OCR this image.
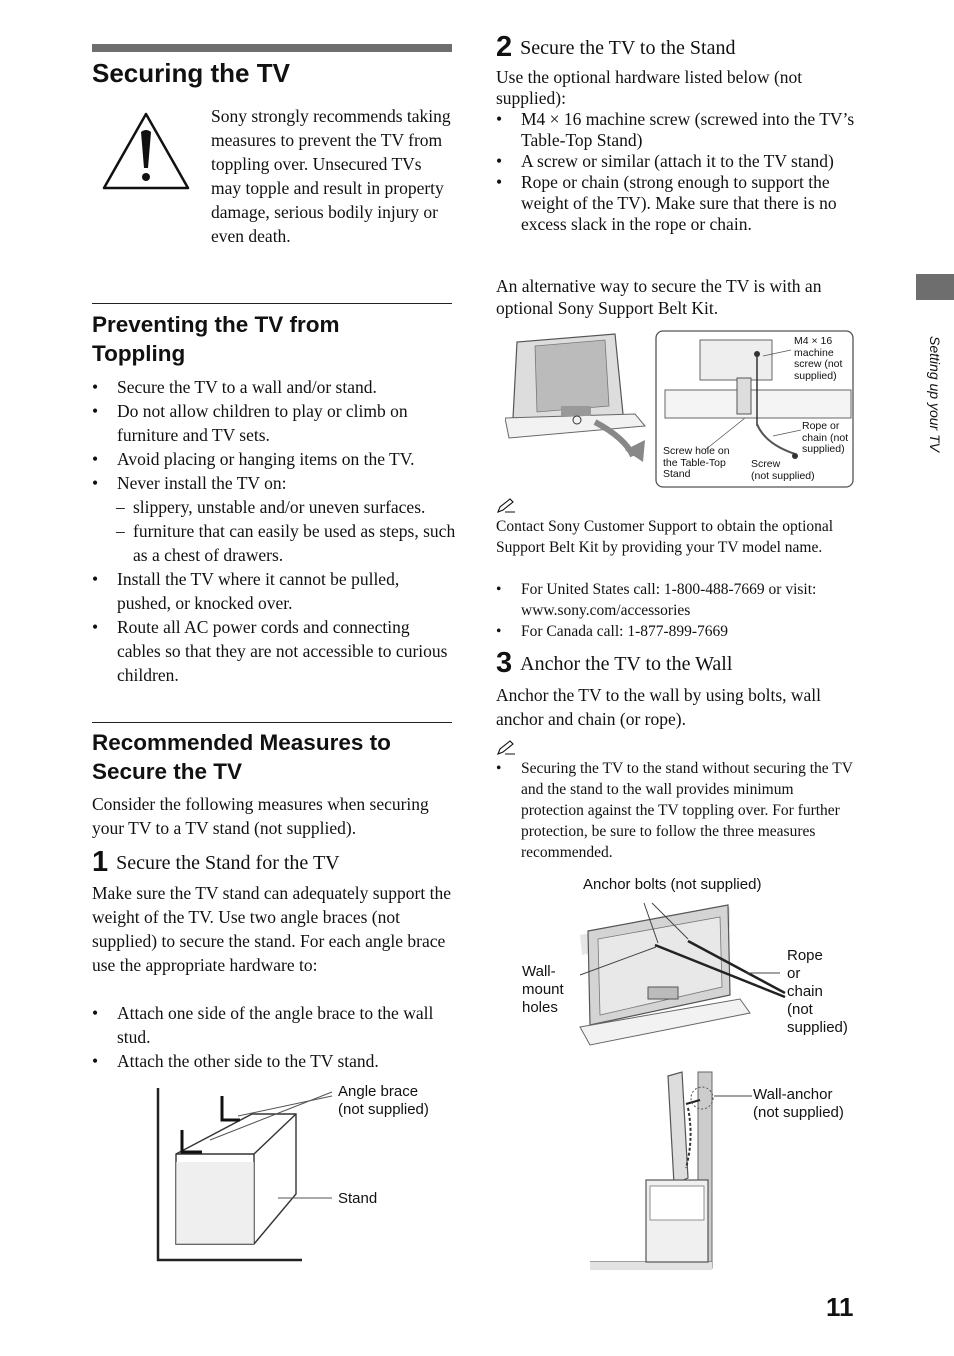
Securing the TV
Sony strongly recommends taking measures to prevent the TV from toppling over. Unsecured TVs may topple and result in property damage, serious bodily injury or even death.
Preventing the TV from
Toppling
• Secure the TV to a wall and/or stand.
• Do not allow children to play or climb on furniture and TV sets.
• Avoid placing or hanging items on the TV.
• Never install the TV on:
– slippery, unstable and/or uneven surfaces.
– furniture that can easily be used as steps, such as a chest of drawers.
• Install the TV where it cannot be pulled, pushed, or knocked over.
• Route all AC power cords and connecting cables so that they are not accessible to curious children.
Recommended Measures to
Secure the TV
Consider the following measures when securing your TV to a TV stand (not supplied).
1 Secure the Stand for the TV
Make sure the TV stand can adequately support the weight of the TV. Use two angle braces (not supplied) to secure the stand. For each angle brace use the appropriate hardware to:
• Attach one side of the angle brace to the wall stud.
• Attach the other side to the TV stand.
Angle brace
(not supplied)
Stand
2 Secure the TV to the Stand
Use the optional hardware listed below (not supplied):
• M4 × 16 machine screw (screwed into the TV’s Table-Top Stand)
• A screw or similar (attach it to the TV stand)
• Rope or chain (strong enough to support the weight of the TV). Make sure that there is no excess slack in the rope or chain.
An alternative way to secure the TV is with an optional Sony Support Belt Kit.
M4 × 16
machine
screw (not
supplied)
Rope or
chain (not
supplied)
Screw hole on
the Table-Top
Stand
Screw
(not supplied)
Contact Sony Customer Support to obtain the optional Support Belt Kit by providing your TV model name.
• For United States call: 1-800-488-7669 or visit: www.sony.com/accessories
• For Canada call: 1-877-899-7669
3 Anchor the TV to the Wall
Anchor the TV to the wall by using bolts, wall anchor and chain (or rope).
• Securing the TV to the stand without securing the TV and the stand to the wall provides minimum protection against the TV toppling over. For further protection, be sure to follow the three measures recommended.
Anchor bolts (not supplied)
Wall-
mount
holes
Rope
or
chain
(not
supplied)
Wall-anchor
(not supplied)
Setting up your TV
11
